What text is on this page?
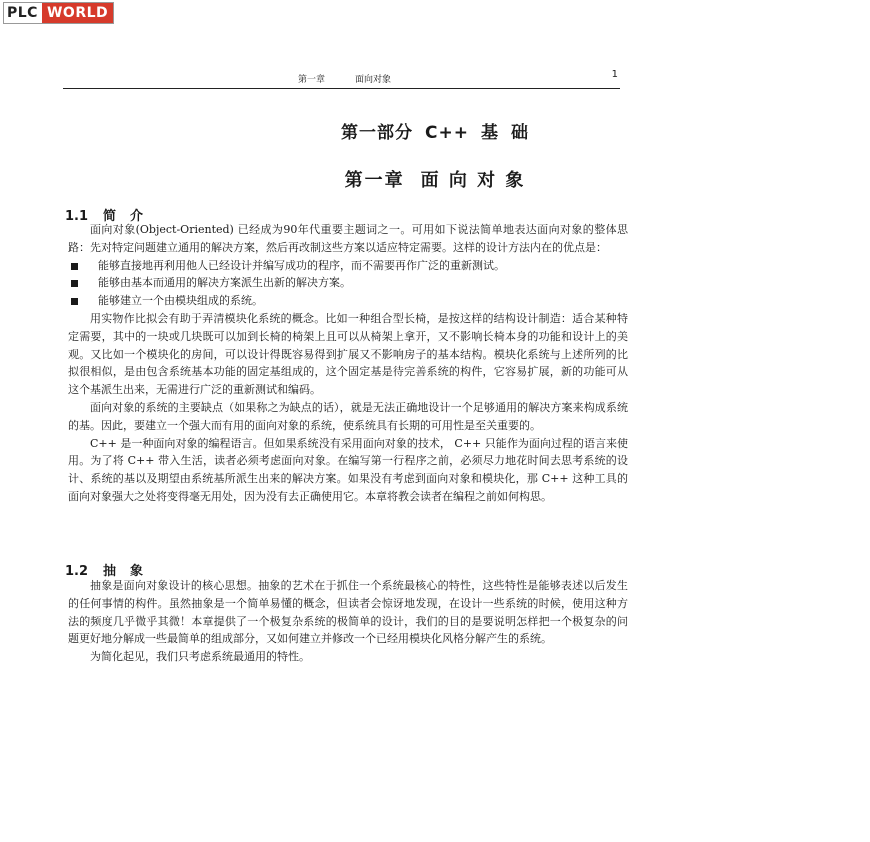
PLC WORLD
第一章	面向对象	1
第一部分 C++ 基 础
第一章 面 向 对 象
1.1 简介

面向对象(Object-Oriented) 已经成为90年代重要主题词之一。可用如下说法简单地表达面向对象的整体思路：先对特定问题建立通用的解决方案，然后再改制这些方案以适应特定需要。这样的设计方法内在的优点是：

能够直接地再利用他人已经设计并编写成功的程序，而不需要再作广泛的重新测试。
能够由基本而通用的解决方案派生出新的解决方案。
能够建立一个由模块组成的系统。

用实物作比拟会有助于弄清模块化系统的概念。比如一种组合型长椅，是按这样的结构设计制造：适合某种特定需要，其中的一块或几块既可以加到长椅的椅架上且可以从椅架上拿开，又不影响长椅本身的功能和设计上的美观。又比如一个模块化的房间，可以设计得既容易得到扩展又不影响房子的基本结构。模块化系统与上述所列的比拟很相似，是由包含系统基本功能的固定基组成的，这个固定基是待完善系统的构件，它容易扩展，新的功能可从这个基派生出来，无需进行广泛的重新测试和编码。

面向对象的系统的主要缺点（如果称之为缺点的话），就是无法正确地设计一个足够通用的解决方案来构成系统的基。因此，要建立一个强大而有用的面向对象的系统，使系统具有长期的可用性是至关重要的。

C++ 是一种面向对象的编程语言。但如果系统没有采用面向对象的技术， C++ 只能作为面向过程的语言来使用。为了将 C++ 带入生活，读者必须考虑面向对象。在编写第一行程序之前，必须尽力地花时间去思考系统的设计、系统的基以及期望由系统基所派生出来的解决方案。如果没有考虑到面向对象和模块化，那 C++ 这种工具的面向对象强大之处将变得毫无用处，因为没有去正确使用它。本章将教会读者在编程之前如何构思。

1.2 抽象

抽象是面向对象设计的核心思想。抽象的艺术在于抓住一个系统最核心的特性，这些特性是能够表述以后发生的任何事情的构件。虽然抽象是一个简单易懂的概念，但读者会惊讶地发现，在设计一些系统的时候，使用这种方法的频度几乎微乎其微！本章提供了一个极复杂系统的极简单的设计，我们的目的是要说明怎样把一个极复杂的问题更好地分解成一些最简单的组成部分，又如何建立并修改一个已经用模块化风格分解产生的系统。

为简化起见，我们只考虑系统最通用的特性。
